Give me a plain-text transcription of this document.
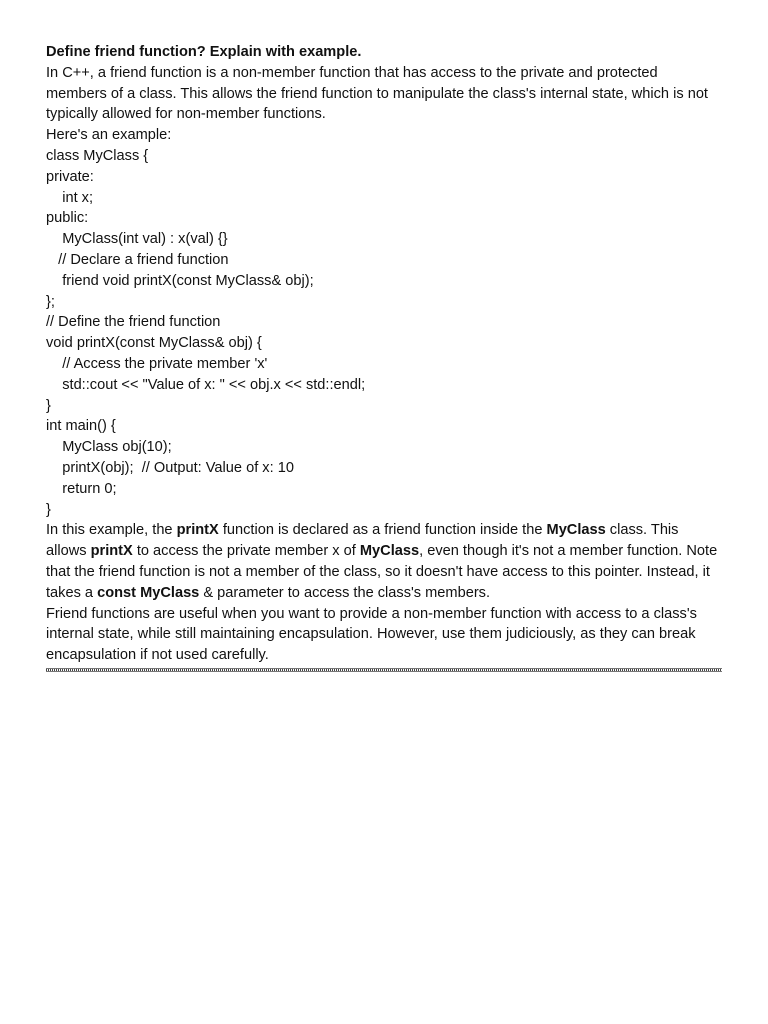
Define friend function? Explain with example.

In C++, a friend function is a non-member function that has access to the private and protected members of a class. This allows the friend function to manipulate the class's internal state, which is not typically allowed for non-member functions.

Here's an example:

class MyClass {

private:

int x;

public:

MyClass(int val) : x(val) {}

// Declare a friend function

friend void printX(const MyClass& obj);

};

// Define the friend function

void printX(const MyClass& obj) {

// Access the private member 'x'

std::cout << "Value of x: " << obj.x << std::endl;

}

int main() {

MyClass obj(10);

printX(obj);  // Output: Value of x: 10

return 0;

}

In this example, the printX function is declared as a friend function inside the MyClass class. This allows printX to access the private member x of MyClass, even though it's not a member function. Note that the friend function is not a member of the class, so it doesn't have access to this pointer. Instead, it takes a const MyClass & parameter to access the class's members.

Friend functions are useful when you want to provide a non-member function with access to a class's internal state, while still maintaining encapsulation. However, use them judiciously, as they can break encapsulation if not used carefully.
